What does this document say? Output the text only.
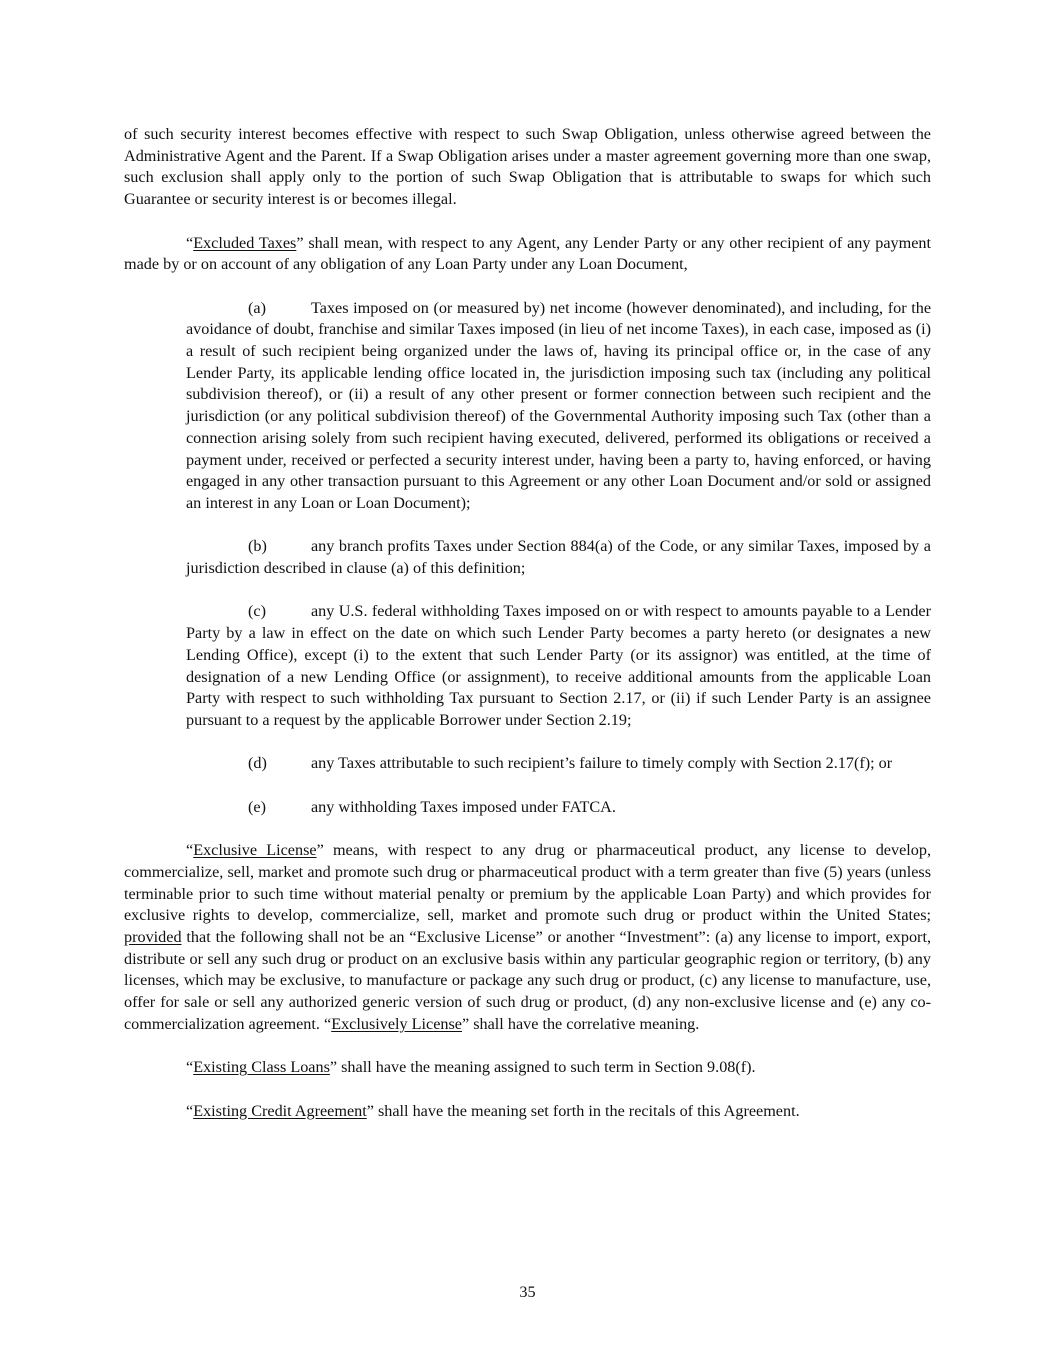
of such security interest becomes effective with respect to such Swap Obligation, unless otherwise agreed between the Administrative Agent and the Parent. If a Swap Obligation arises under a master agreement governing more than one swap, such exclusion shall apply only to the portion of such Swap Obligation that is attributable to swaps for which such Guarantee or security interest is or becomes illegal.

“Excluded Taxes” shall mean, with respect to any Agent, any Lender Party or any other recipient of any payment made by or on account of any obligation of any Loan Party under any Loan Document,

(a)	Taxes imposed on (or measured by) net income (however denominated), and including, for the avoidance of doubt, franchise and similar Taxes imposed (in lieu of net income Taxes), in each case, imposed as (i) a result of such recipient being organized under the laws of, having its principal office or, in the case of any Lender Party, its applicable lending office located in, the jurisdiction imposing such tax (including any political subdivision thereof), or (ii) a result of any other present or former connection between such recipient and the jurisdiction (or any political subdivision thereof) of the Governmental Authority imposing such Tax (other than a connection arising solely from such recipient having executed, delivered, performed its obligations or received a payment under, received or perfected a security interest under, having been a party to, having enforced, or having engaged in any other transaction pursuant to this Agreement or any other Loan Document and/or sold or assigned an interest in any Loan or Loan Document);

(b)	any branch profits Taxes under Section 884(a) of the Code, or any similar Taxes, imposed by a jurisdiction described in clause (a) of this definition;

(c)	any U.S. federal withholding Taxes imposed on or with respect to amounts payable to a Lender Party by a law in effect on the date on which such Lender Party becomes a party hereto (or designates a new Lending Office), except (i) to the extent that such Lender Party (or its assignor) was entitled, at the time of designation of a new Lending Office (or assignment), to receive additional amounts from the applicable Loan Party with respect to such withholding Tax pursuant to Section 2.17, or (ii) if such Lender Party is an assignee pursuant to a request by the applicable Borrower under Section 2.19;

(d)	any Taxes attributable to such recipient’s failure to timely comply with Section 2.17(f); or

(e)	any withholding Taxes imposed under FATCA.

“Exclusive License” means, with respect to any drug or pharmaceutical product, any license to develop, commercialize, sell, market and promote such drug or pharmaceutical product with a term greater than five (5) years (unless terminable prior to such time without material penalty or premium by the applicable Loan Party) and which provides for exclusive rights to develop, commercialize, sell, market and promote such drug or product within the United States; provided that the following shall not be an “Exclusive License” or another “Investment”: (a) any license to import, export, distribute or sell any such drug or product on an exclusive basis within any particular geographic region or territory, (b) any licenses, which may be exclusive, to manufacture or package any such drug or product, (c) any license to manufacture, use, offer for sale or sell any authorized generic version of such drug or product, (d) any non-exclusive license and (e) any co-commercialization agreement. “Exclusively License” shall have the correlative meaning.

“Existing Class Loans” shall have the meaning assigned to such term in Section 9.08(f).

“Existing Credit Agreement” shall have the meaning set forth in the recitals of this Agreement.

35
